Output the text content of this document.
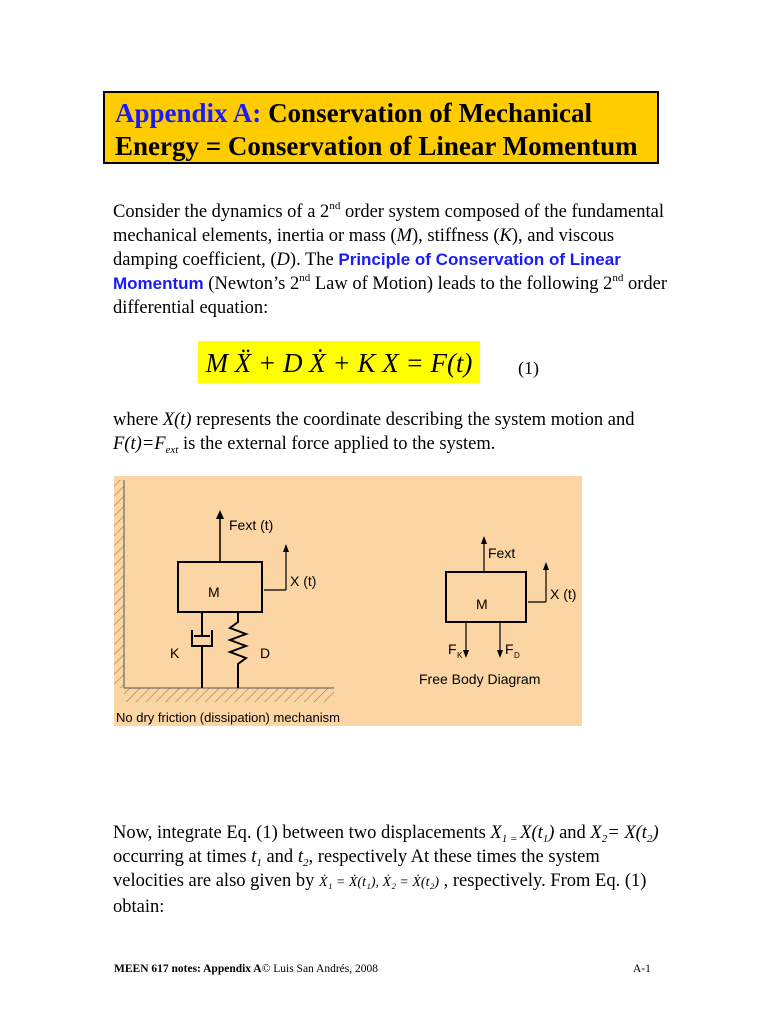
Appendix A: Conservation of Mechanical
Energy = Conservation of Linear Momentum
Consider the dynamics of a 2nd order system composed of the fundamental mechanical elements, inertia or mass (M), stiffness (K), and viscous damping coefficient, (D). The Principle of Conservation of Linear Momentum (Newton’s 2nd Law of Motion) leads to the following 2nd order differential equation:
M Ẍ + D Ẋ + K X = F(t)	(1)
where X(t) represents the coordinate describing the system motion and $F(t)=F_{ext}$ is the external force applied to the system.
Fext (t)
M
X (t)
K	D
No dry friction (dissipation) mechanism
Fext
M
X (t)
F K	F D
Free Body Diagram
Now, integrate Eq. (1) between two displacements $X_{1 =}$ $X(t_1)$ and $X_2= X(t_2)$ occurring at times $t_1$ and $t_2$, respectively At these times the system velocities are also given by Ẋ₁ = Ẋ(t₁), Ẋ₂ = Ẋ(t₂) , respectively. From Eq. (1) obtain:
MEEN 617 notes: Appendix A© Luis San Andrés, 2008	A-1
